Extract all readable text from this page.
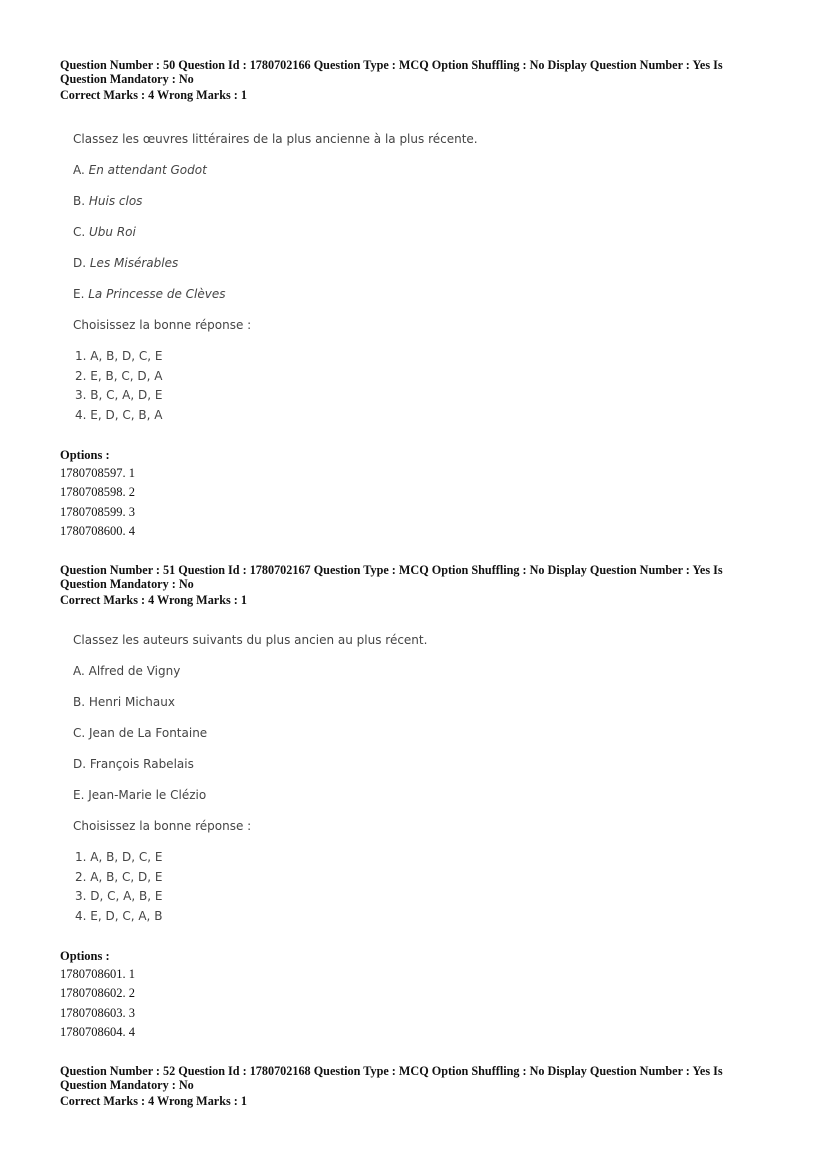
Question Number : 50 Question Id : 1780702166 Question Type : MCQ Option Shuffling : No Display Question Number : Yes Is
Question Mandatory : No
Correct Marks : 4 Wrong Marks : 1
Classez les œuvres littéraires de la plus ancienne à la plus récente.
A. En attendant Godot
B. Huis clos
C. Ubu Roi
D. Les Misérables
E. La Princesse de Clèves
Choisissez la bonne réponse :
1. A, B, D, C, E
2. E, B, C, D, A
3. B, C, A, D, E
4. E, D, C, B, A
Options :
1780708597. 1
1780708598. 2
1780708599. 3
1780708600. 4
Question Number : 51 Question Id : 1780702167 Question Type : MCQ Option Shuffling : No Display Question Number : Yes Is
Question Mandatory : No
Correct Marks : 4 Wrong Marks : 1
Classez les auteurs suivants du plus ancien au plus récent.
A. Alfred de Vigny
B. Henri Michaux
C. Jean de La Fontaine
D. François Rabelais
E. Jean-Marie le Clézio
Choisissez la bonne réponse :
1. A, B, D, C, E
2. A, B, C, D, E
3. D, C, A, B, E
4. E, D, C, A, B
Options :
1780708601. 1
1780708602. 2
1780708603. 3
1780708604. 4
Question Number : 52 Question Id : 1780702168 Question Type : MCQ Option Shuffling : No Display Question Number : Yes Is
Question Mandatory : No
Correct Marks : 4 Wrong Marks : 1
